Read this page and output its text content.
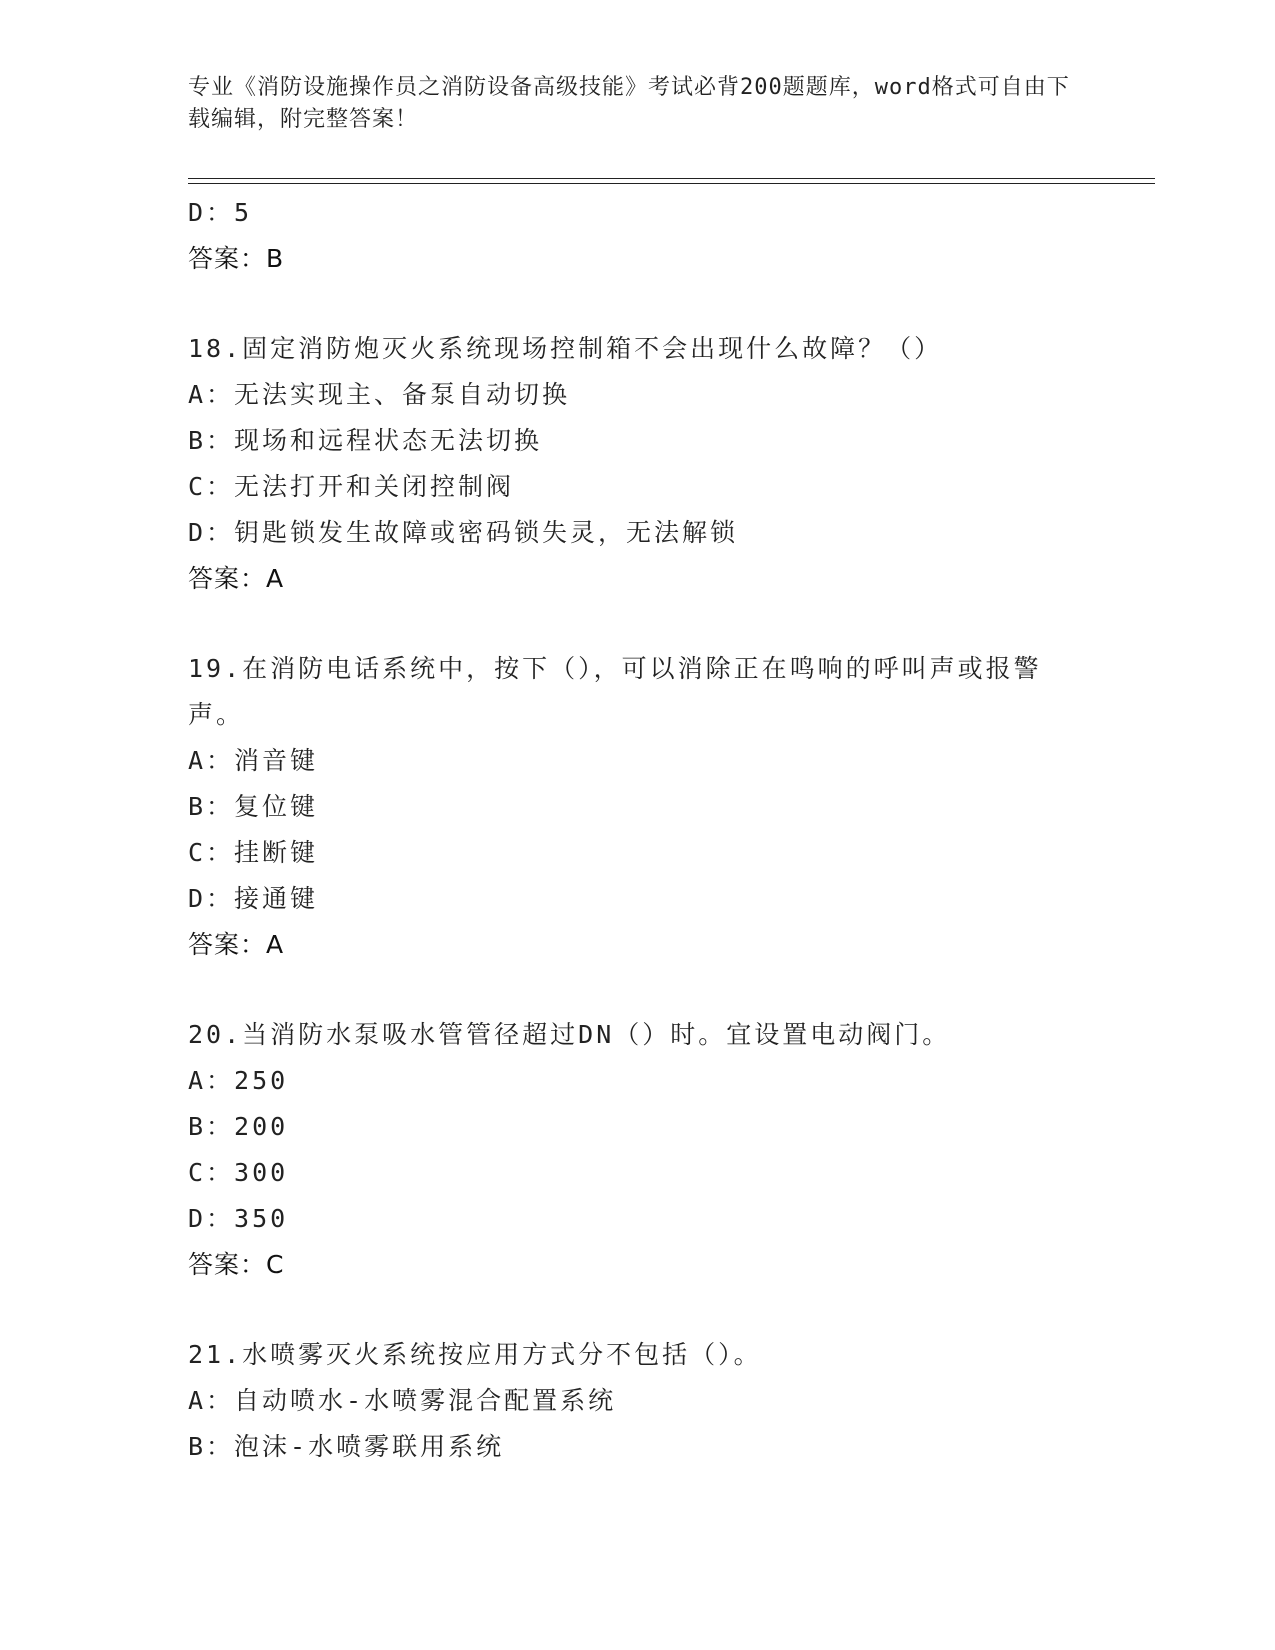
专业《消防设施操作员之消防设备高级技能》考试必背200题题库，word格式可自由下载编辑，附完整答案！
D：5
答案：B
18.固定消防炮灭火系统现场控制箱不会出现什么故障？（）
A：无法实现主、备泵自动切换
B：现场和远程状态无法切换
C：无法打开和关闭控制阀
D：钥匙锁发生故障或密码锁失灵，无法解锁
答案：A
19.在消防电话系统中，按下（），可以消除正在鸣响的呼叫声或报警声。
A：消音键
B：复位键
C：挂断键
D：接通键
答案：A
20.当消防水泵吸水管管径超过DN（）时。宜设置电动阀门。
A：250
B：200
C：300
D：350
答案：C
21.水喷雾灭火系统按应用方式分不包括（）。
A：自动喷水-水喷雾混合配置系统
B：泡沫-水喷雾联用系统
